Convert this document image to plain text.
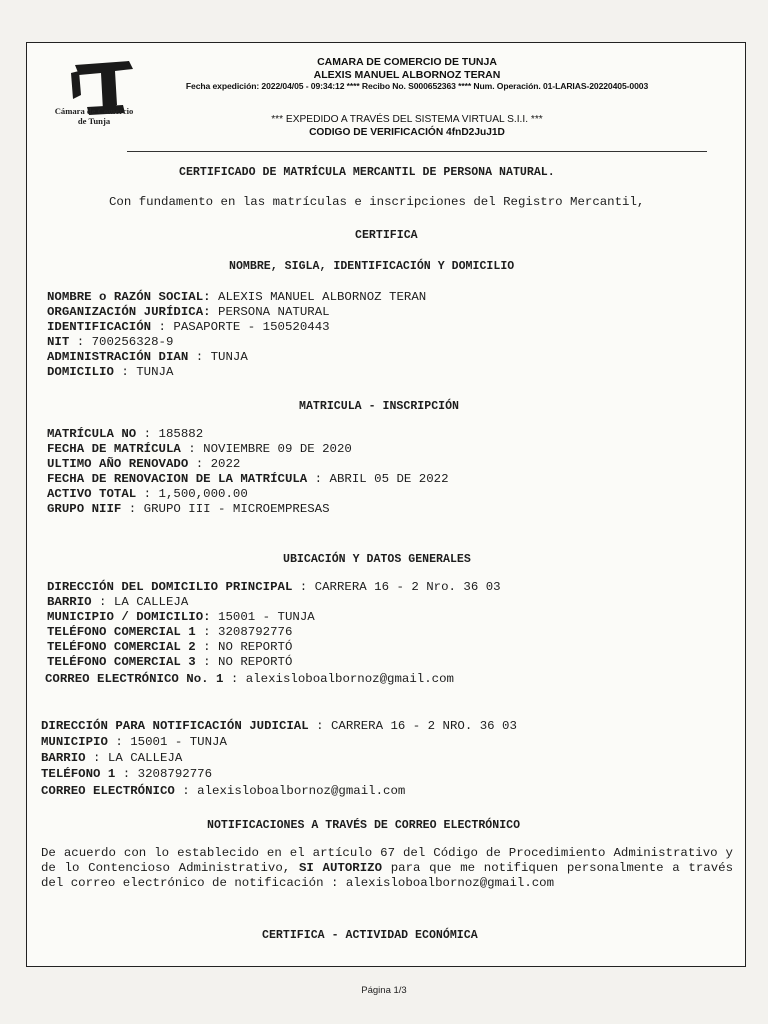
Cámara de Comercio
de Tunja
CAMARA DE COMERCIO DE TUNJA
ALEXIS MANUEL ALBORNOZ TERAN
Fecha expedición: 2022/04/05 - 09:34:12 **** Recibo No. S000652363 **** Num. Operación. 01-LARIAS-20220405-0003
*** EXPEDIDO A TRAVÉS DEL SISTEMA VIRTUAL S.I.I. ***
CODIGO DE VERIFICACIÓN 4fnD2JuJ1D
CERTIFICADO DE MATRÍCULA MERCANTIL DE PERSONA NATURAL.
Con fundamento en las matrículas e inscripciones del Registro Mercantil,
CERTIFICA
NOMBRE, SIGLA, IDENTIFICACIÓN Y DOMICILIO
NOMBRE o RAZÓN SOCIAL: ALEXIS MANUEL ALBORNOZ TERAN
ORGANIZACIÓN JURÍDICA: PERSONA NATURAL
IDENTIFICACIÓN : PASAPORTE - 150520443
NIT : 700256328-9
ADMINISTRACIÓN DIAN : TUNJA
DOMICILIO : TUNJA
MATRICULA - INSCRIPCIÓN
MATRÍCULA NO : 185882
FECHA DE MATRÍCULA : NOVIEMBRE 09 DE 2020
ULTIMO AÑO RENOVADO : 2022
FECHA DE RENOVACION DE LA MATRÍCULA : ABRIL 05 DE 2022
ACTIVO TOTAL : 1,500,000.00
GRUPO NIIF : GRUPO III - MICROEMPRESAS
UBICACIÓN Y DATOS GENERALES
DIRECCIÓN DEL DOMICILIO PRINCIPAL : CARRERA 16 - 2 Nro. 36 03
BARRIO : LA CALLEJA
MUNICIPIO / DOMICILIO: 15001 - TUNJA
TELÉFONO COMERCIAL 1 : 3208792776
TELÉFONO COMERCIAL 2 : NO REPORTÓ
TELÉFONO COMERCIAL 3 : NO REPORTÓ
CORREO ELECTRÓNICO No. 1 : alexisloboalbornoz@gmail.com
DIRECCIÓN PARA NOTIFICACIÓN JUDICIAL : CARRERA 16 - 2 NRO. 36 03
MUNICIPIO : 15001 - TUNJA
BARRIO : LA CALLEJA
TELÉFONO 1 : 3208792776
CORREO ELECTRÓNICO : alexisloboalbornoz@gmail.com
NOTIFICACIONES A TRAVÉS DE CORREO ELECTRÓNICO
De acuerdo con lo establecido en el artículo 67 del Código de Procedimiento Administrativo y de lo Contencioso Administrativo, SI AUTORIZO para que me notifiquen personalmente a través del correo electrónico de notificación : alexisloboalbornoz@gmail.com
CERTIFICA - ACTIVIDAD ECONÓMICA
Página 1/3
